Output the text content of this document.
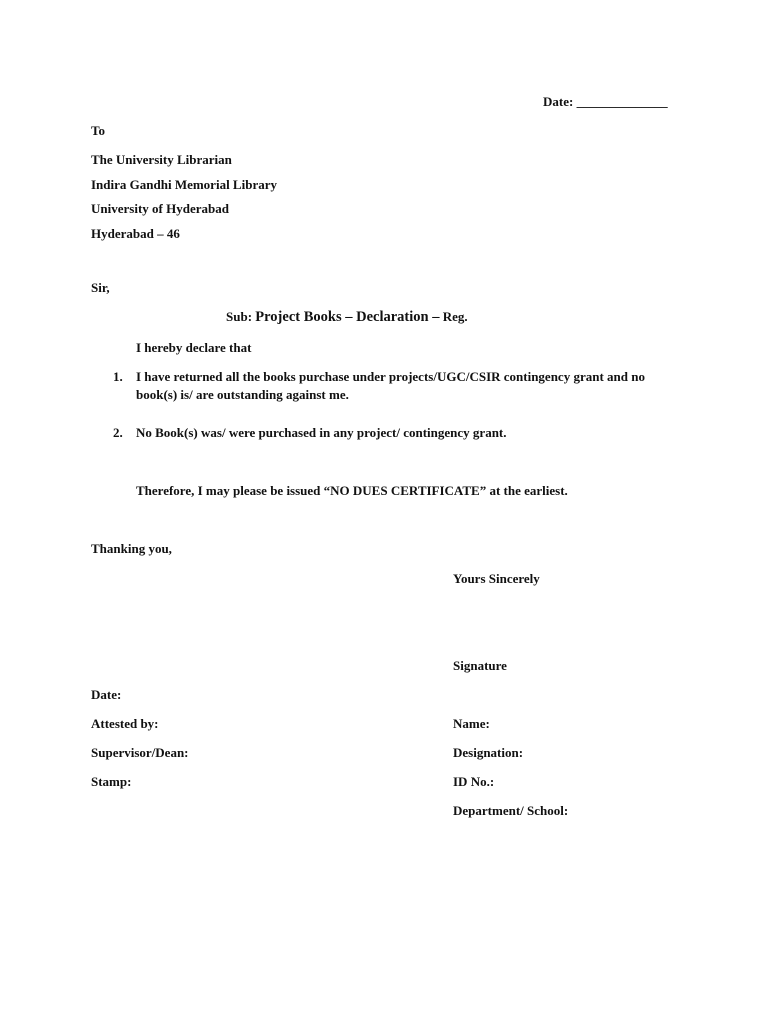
Date: ______________
To
The University Librarian
Indira Gandhi Memorial Library
University of Hyderabad
Hyderabad – 46
Sir,
Sub: Project Books – Declaration – Reg.
I hereby declare that
1. I have returned all the books purchase under projects/UGC/CSIR contingency grant and no
book(s) is/ are outstanding against me.
2. No Book(s) was/ were purchased in any project/ contingency grant.
Therefore, I may please be issued “NO DUES CERTIFICATE” at the earliest.
Thanking you,
Yours Sincerely
Signature
Date:
Attested by:	Name:
Supervisor/Dean:	Designation:
Stamp:	ID No.:
Department/ School:
